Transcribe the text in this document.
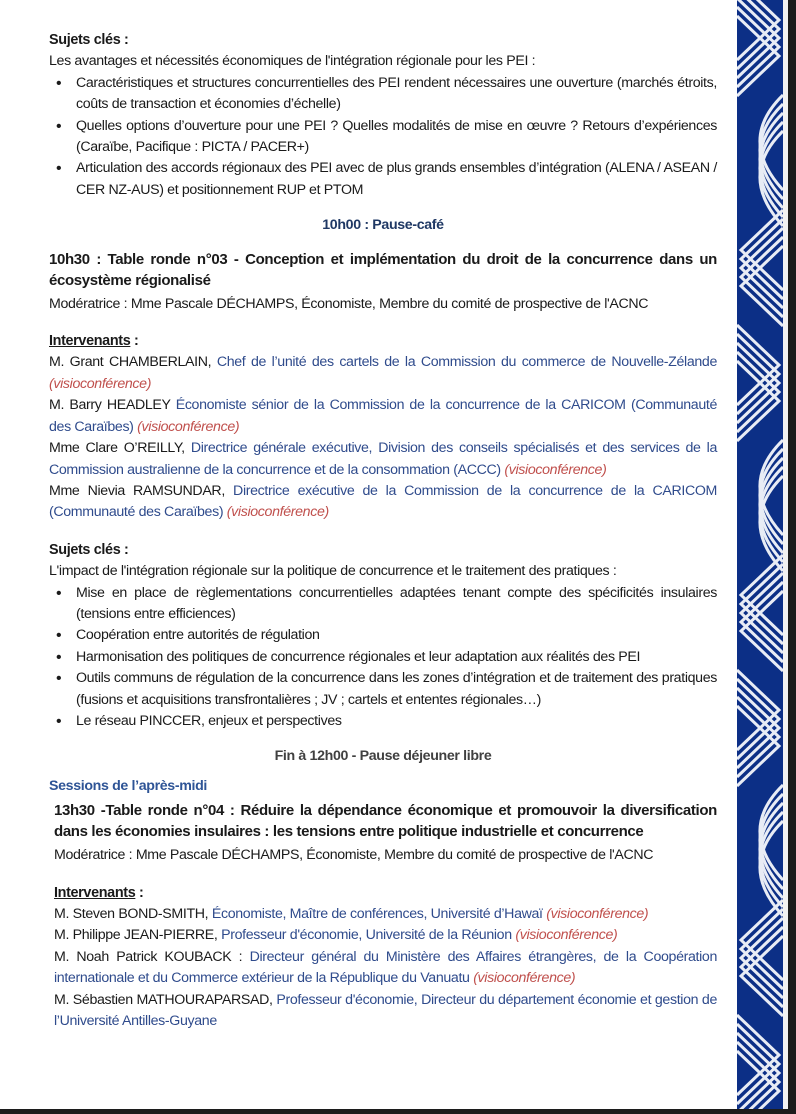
Sujets clés :
Les avantages et nécessités économiques de l'intégration régionale pour les PEI :
• Caractéristiques et structures concurrentielles des PEI rendent nécessaires une ouverture (marchés étroits, coûts de transaction et économies d’échelle)
• Quelles options d’ouverture pour une PEI ? Quelles modalités de mise en œuvre ? Retours d’expériences (Caraïbe, Pacifique : PICTA / PACER+)
• Articulation des accords régionaux des PEI avec de plus grands ensembles d’intégration (ALENA / ASEAN / CER NZ-AUS) et positionnement RUP et PTOM
10h00 : Pause-café
10h30 : Table ronde n°03 - Conception et implémentation du droit de la concurrence dans un écosystème régionalisé
Modératrice : Mme Pascale DÉCHAMPS, Économiste, Membre du comité de prospective de l'ACNC
Intervenants :
M. Grant CHAMBERLAIN, Chef de l’unité des cartels de la Commission du commerce de Nouvelle-Zélande (visioconférence)
M. Barry HEADLEY Économiste sénior de la Commission de la concurrence de la CARICOM (Communauté des Caraïbes) (visioconférence)
Mme Clare O’REILLY, Directrice générale exécutive, Division des conseils spécialisés et des services de la Commission australienne de la concurrence et de la consommation (ACCC) (visioconférence)
Mme Nievia RAMSUNDAR, Directrice exécutive de la Commission de la concurrence de la CARICOM (Communauté des Caraïbes) (visioconférence)
Sujets clés :
L'impact de l'intégration régionale sur la politique de concurrence et le traitement des pratiques :
• Mise en place de règlementations concurrentielles adaptées tenant compte des spécificités insulaires (tensions entre efficiences)
• Coopération entre autorités de régulation
• Harmonisation des politiques de concurrence régionales et leur adaptation aux réalités des PEI
• Outils communs de régulation de la concurrence dans les zones d’intégration et de traitement des pratiques (fusions et acquisitions transfrontalières ; JV ; cartels et ententes régionales…)
• Le réseau PINCCER, enjeux et perspectives
Fin à 12h00 - Pause déjeuner libre
Sessions de l’après-midi
13h30 -Table ronde n°04 : Réduire la dépendance économique et promouvoir la diversification dans les économies insulaires : les tensions entre politique industrielle et concurrence
Modératrice : Mme Pascale DÉCHAMPS, Économiste, Membre du comité de prospective de l'ACNC
Intervenants :
M. Steven BOND-SMITH, Économiste, Maître de conférences, Université d’Hawaï (visioconférence)
M. Philippe JEAN-PIERRE, Professeur d'économie, Université de la Réunion (visioconférence)
M. Noah Patrick KOUBACK : Directeur général du Ministère des Affaires étrangères, de la Coopération internationale et du Commerce extérieur de la République du Vanuatu (visioconférence)
M. Sébastien MATHOURAPARSAD, Professeur d'économie, Directeur du département économie et gestion de l’Université Antilles-Guyane
